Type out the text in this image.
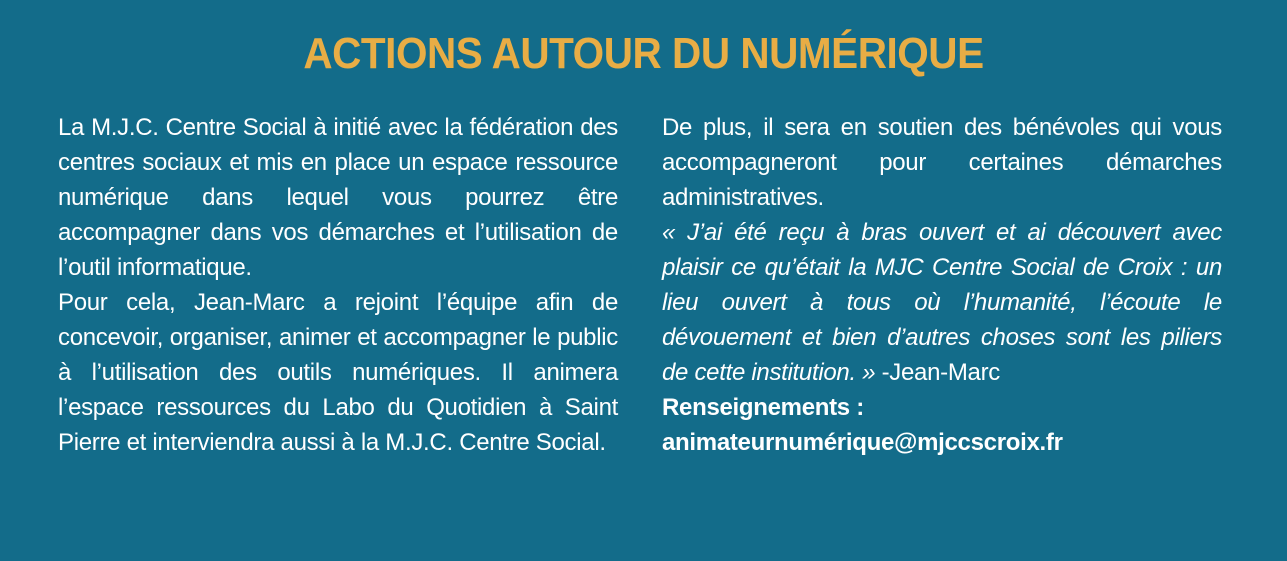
ACTIONS AUTOUR DU NUMÉRIQUE

La M.J.C. Centre Social à initié avec la fédération des centres sociaux et mis en place un espace ressource numérique dans lequel vous pourrez être accompagner dans vos démarches et l’utilisation de l’outil informatique.

Pour cela, Jean-Marc a rejoint l’équipe afin de concevoir, organiser, animer et accompagner le public à l’utilisation des outils numériques. Il animera l’espace ressources du Labo du Quotidien à Saint Pierre et interviendra aussi à la M.J.C. Centre Social.

De plus, il sera en soutien des bénévoles qui vous accompagneront pour certaines démarches administratives.

« J’ai été reçu à bras ouvert et ai découvert avec plaisir ce qu’était la MJC Centre Social de Croix : un lieu ouvert à tous où l’humanité, l’écoute le dévouement et bien d’autres choses sont les piliers de cette institution. » -Jean-Marc

Renseignements :

animateurnumérique@mjccscroix.fr
